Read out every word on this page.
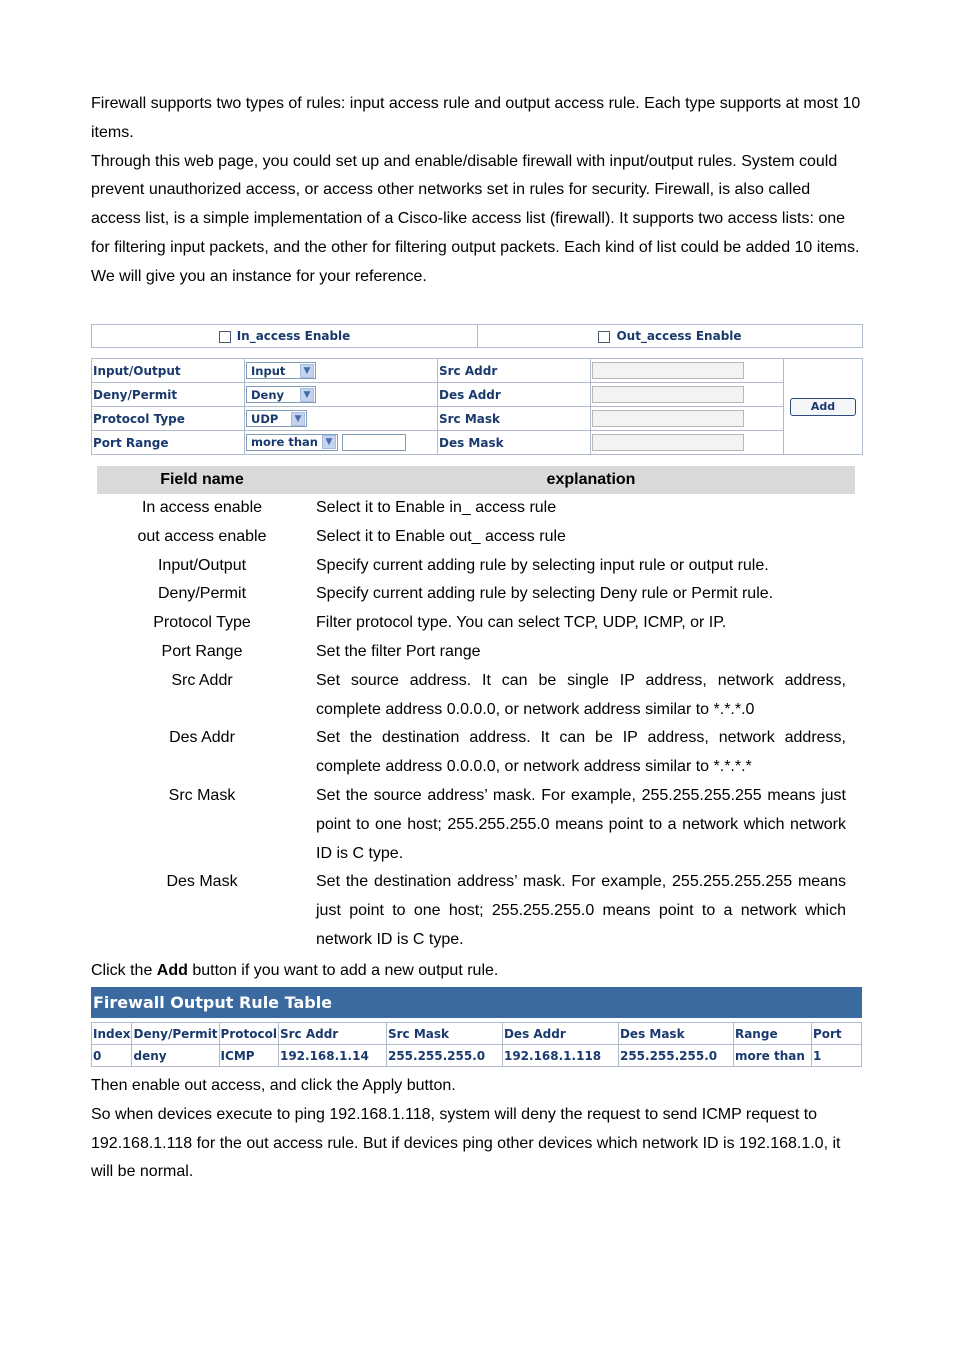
Firewall supports two types of rules: input access rule and output access rule. Each type supports at most 10 items.

Through this web page, you could set up and enable/disable firewall with input/output rules. System could prevent unauthorized access, or access other networks set in rules for security. Firewall, is also called access list, is a simple implementation of a Cisco-like access list (firewall). It supports two access lists: one for filtering input packets, and the other for filtering output packets. Each kind of list could be added 10 items.

We will give you an instance for your reference.

In_access Enable	Out_access Enable
Input/Output	Input ▼	Src Addr		Add
Deny/Permit	Deny ▼	Des Addr		
Protocol Type	UDP ▼	Src Mask		
Port Range	more than ▼	Des Mask		
Field name	explanation
In access enable	Select it to Enable in_ access rule
out access enable	Select it to Enable out_ access rule
Input/Output	Specify current adding rule by selecting input rule or output rule.
Deny/Permit	Specify current adding rule by selecting Deny rule or Permit rule.
Protocol Type	Filter protocol type. You can select TCP, UDP, ICMP, or IP.
Port Range	Set the filter Port range
Src Addr	Set source address. It can be single IP address, network address, complete address 0.0.0.0, or network address similar to *.*.*.0
Des Addr	Set the destination address. It can be IP address, network address, complete address 0.0.0.0, or network address similar to *.*.*.*
Src Mask	Set the source address’ mask. For example, 255.255.255.255 means just point to one host; 255.255.255.0 means point to a network which network ID is C type.
Des Mask	Set the destination address’ mask. For example, 255.255.255.255 means just point to one host; 255.255.255.0 means point to a network which network ID is C type.
Click the Add button if you want to add a new output rule.
Firewall Output Rule Table
Index	Deny/Permit	Protocol	Src Addr	Src Mask	Des Addr	Des Mask	Range	Port
0	deny	ICMP	192.168.1.14	255.255.255.0	192.168.1.118	255.255.255.0	more than	1

Then enable out access, and click the Apply button.

So when devices execute to ping 192.168.1.118, system will deny the request to send ICMP request to 192.168.1.118 for the out access rule. But if devices ping other devices which network ID is 192.168.1.0, it will be normal.
